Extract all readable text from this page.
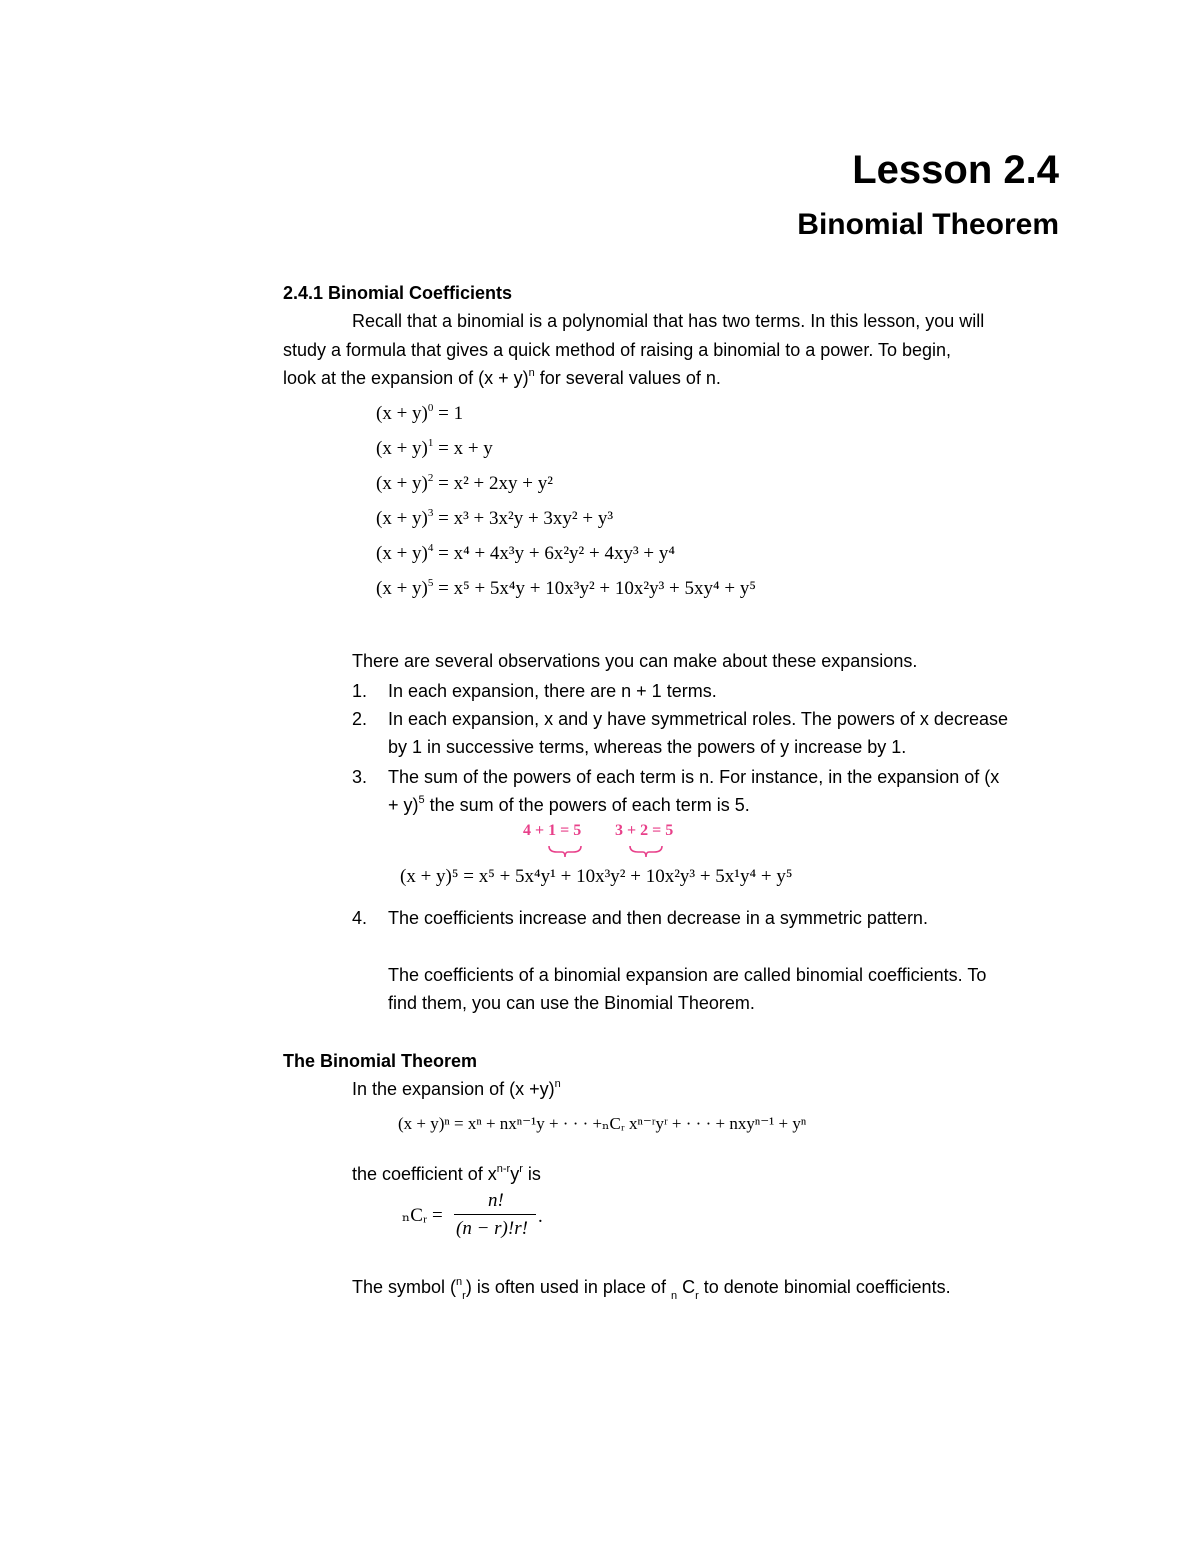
Lesson 2.4
Binomial Theorem
2.4.1 Binomial Coefficients
Recall that a binomial is a polynomial that has two terms. In this lesson, you will
study a formula that gives a quick method of raising a binomial to a power. To begin,
look at the expansion of $(x + y)^n$ for several values of n.
$(x + y)^0 = 1$
$(x + y)^1 = x + y$
$(x + y)^2 = x^2 + 2xy + y^2$
$(x + y)^3 = x^3 + 3x^2y + 3xy^2 + y^3$
$(x + y)^4 = x^4 + 4x^3y + 6x^2y^2 + 4xy^3 + y^4$
$(x + y)^5 = x^5 + 5x^4y + 10x^3y^2 + 10x^2y^3 + 5xy^4 + y^5$
There are several observations you can make about these expansions.
1. In each expansion, there are n + 1 terms.
2. In each expansion, x and y have symmetrical roles. The powers of x decrease
by 1 in successive terms, whereas the powers of y increase by 1.
3. The sum of the powers of each term is n. For instance, in the expansion of (x
+ y)$^5$ the sum of the powers of each term is 5.
4 + 1 = 5 3 + 2 = 5
(x + y)⁵ = x⁵ + 5x⁴y¹ + 10x³y² + 10x²y³ + 5x¹y⁴ + y⁵
4. The coefficients increase and then decrease in a symmetric pattern.
The coefficients of a binomial expansion are called binomial coefficients. To
find them, you can use the Binomial Theorem.
The Binomial Theorem
In the expansion of $(x +y)^n$
(x + y)ⁿ = xⁿ + nxⁿ⁻¹y + · · · +ₙCᵣ xⁿ⁻ʳyʳ + · · · + nxyⁿ⁻¹ + yⁿ
the coefficient of $x^{n-r}y^r$ is
ₙCᵣ =
n!
(n − r)!r!
.
The symbol ($^n_r$) is often used in place of $_n$ $C_r$ to denote binomial coefficients.
